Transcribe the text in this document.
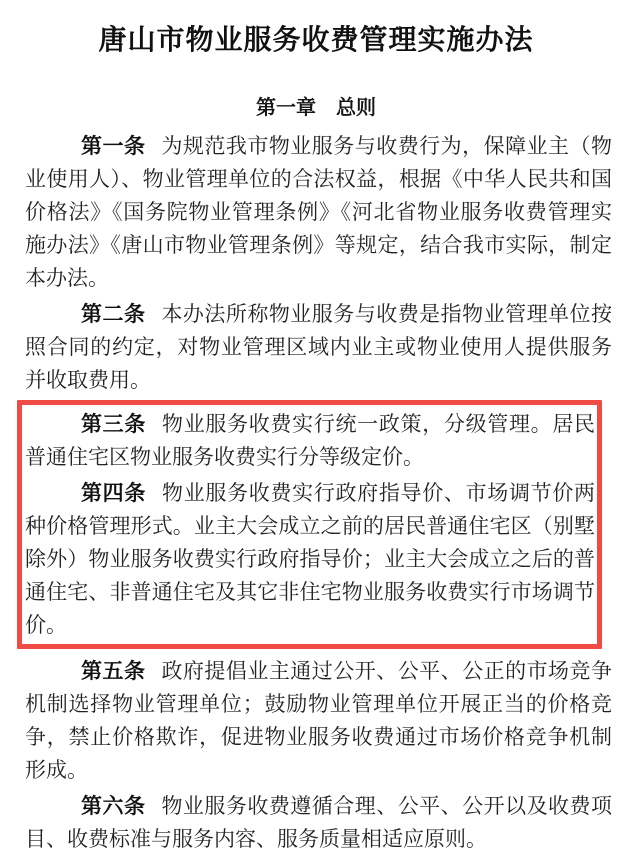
唐山市物业服务收费管理实施办法
第一章　总则

第一条 为规范我市物业服务与收费行为，保障业主（物业使用人）、物业管理单位的合法权益，根据《中华人民共和国价格法》《国务院物业管理条例》《河北省物业服务收费管理实施办法》《唐山市物业管理条例》等规定，结合我市实际，制定本办法。

第二条 本办法所称物业服务与收费是指物业管理单位按照合同的约定，对物业管理区域内业主或物业使用人提供服务并收取费用。

第三条 物业服务收费实行统一政策，分级管理。居民普通住宅区物业服务收费实行分等级定价。

第四条 物业服务收费实行政府指导价、市场调节价两种价格管理形式。业主大会成立之前的居民普通住宅区（别墅除外）物业服务收费实行政府指导价；业主大会成立之后的普通住宅、非普通住宅及其它非住宅物业服务收费实行市场调节价。

第五条 政府提倡业主通过公开、公平、公正的市场竞争机制选择物业管理单位；鼓励物业管理单位开展正当的价格竞争，禁止价格欺诈，促进物业服务收费通过市场价格竞争机制形成。

第六条 物业服务收费遵循合理、公平、公开以及收费项目、收费标准与服务内容、服务质量相适应原则。
